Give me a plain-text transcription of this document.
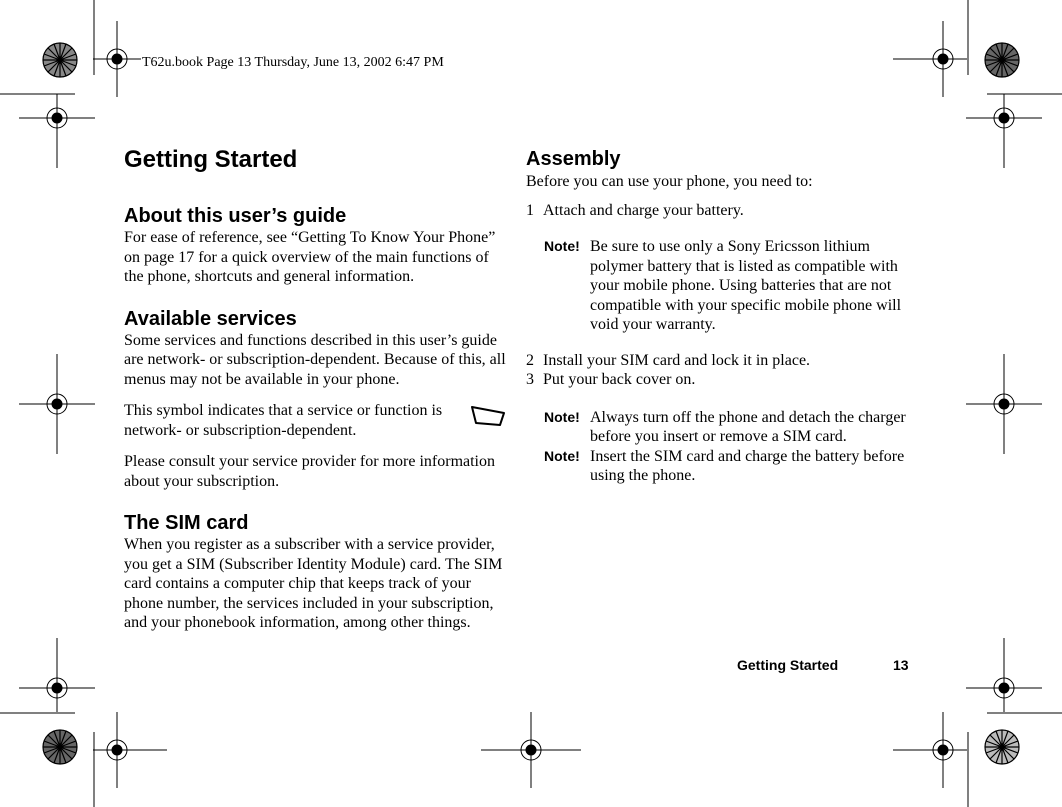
T62u.book Page 13 Thursday, June 13, 2002 6:47 PM
Getting Started
About this user’s guide

For ease of reference, see “Getting To Know Your Phone” on page 17 for a quick overview of the main functions of the phone, shortcuts and general information.

Available services

Some services and functions described in this user’s guide are network- or subscription-dependent. Because of this, all menus may not be available in your phone.

This symbol indicates that a service or function is network- or subscription-dependent.

Please consult your service provider for more information about your subscription.

The SIM card

When you register as a subscriber with a service provider, you get a SIM (Subscriber Identity Module) card. The SIM card contains a computer chip that keeps track of your phone number, the services included in your subscription, and your phonebook information, among other things.

Assembly

Before you can use your phone, you need to:

1 Attach and charge your battery.
Note! Be sure to use only a Sony Ericsson lithium polymer battery that is listed as compatible with your mobile phone. Using batteries that are not compatible with your specific mobile phone will void your warranty.
2 Install your SIM card and lock it in place.
3 Put your back cover on.
Note! Always turn off the phone and detach the charger before you insert or remove a SIM card.
Note! Insert the SIM card and charge the battery before using the phone.
Getting Started	13
